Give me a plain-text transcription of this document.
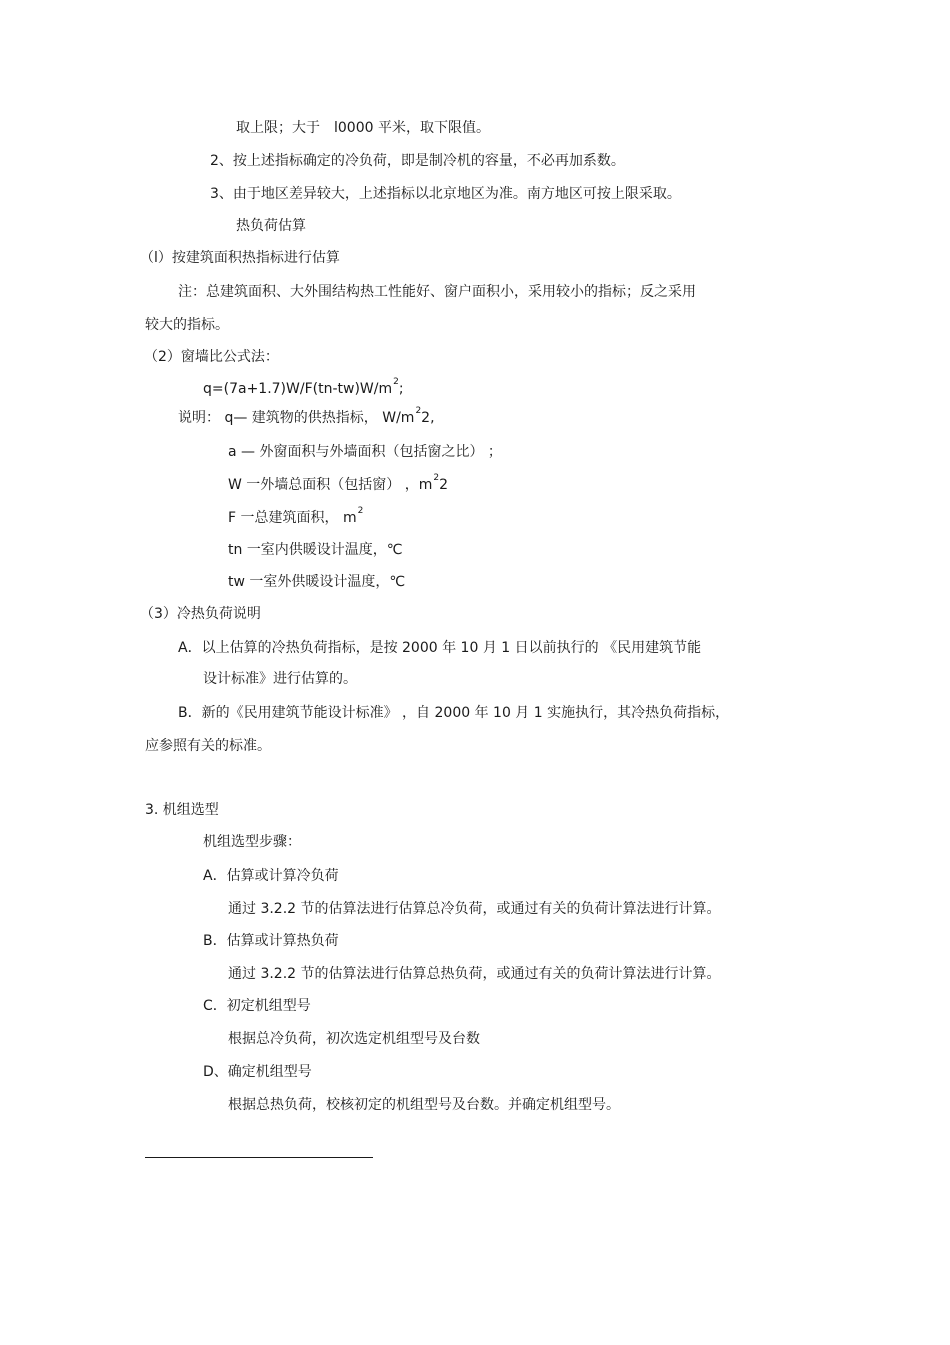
取上限；大于　l0000 平米，取下限值。
2、按上述指标确定的冷负荷，即是制冷机的容量，不必再加系数。
3、由于地区差异较大，上述指标以北京地区为准。南方地区可按上限采取。
热负荷估算
（l）按建筑面积热指标进行估算
注：总建筑面积、大外围结构热工性能好、窗户面积小，采用较小的指标；反之采用
较大的指标。
（2）窗墙比公式法：
$q=(7a+1.7)W/F(tn-tw)W/m^2$;
说明： q— 建筑物的供热指标， $W/m^22$,
a — 外窗面积与外墙面积（包括窗之比） ；
W 一外墙总面积（包括窗） ，$m^22$
F 一总建筑面积， $m^2$
tn 一室内供暖设计温度，℃
tw 一室外供暖设计温度，℃
（3）冷热负荷说明
A．以上估算的冷热负荷指标，是按 2000 年 10 月 1 日以前执行的 《民用建筑节能
设计标准》进行估算的。
B．新的《民用建筑节能设计标准》 ，自 2000 年 10 月 1 实施执行，其冷热负荷指标，
应参照有关的标准。
3. 机组选型
机组选型步骤：
A．估算或计算冷负荷
通过 3.2.2 节的估算法进行估算总冷负荷，或通过有关的负荷计算法进行计算。
B．估算或计算热负荷
通过 3.2.2 节的估算法进行估算总热负荷，或通过有关的负荷计算法进行计算。
C．初定机组型号
根据总冷负荷，初次选定机组型号及台数
D、确定机组型号
根据总热负荷，校核初定的机组型号及台数。并确定机组型号。
